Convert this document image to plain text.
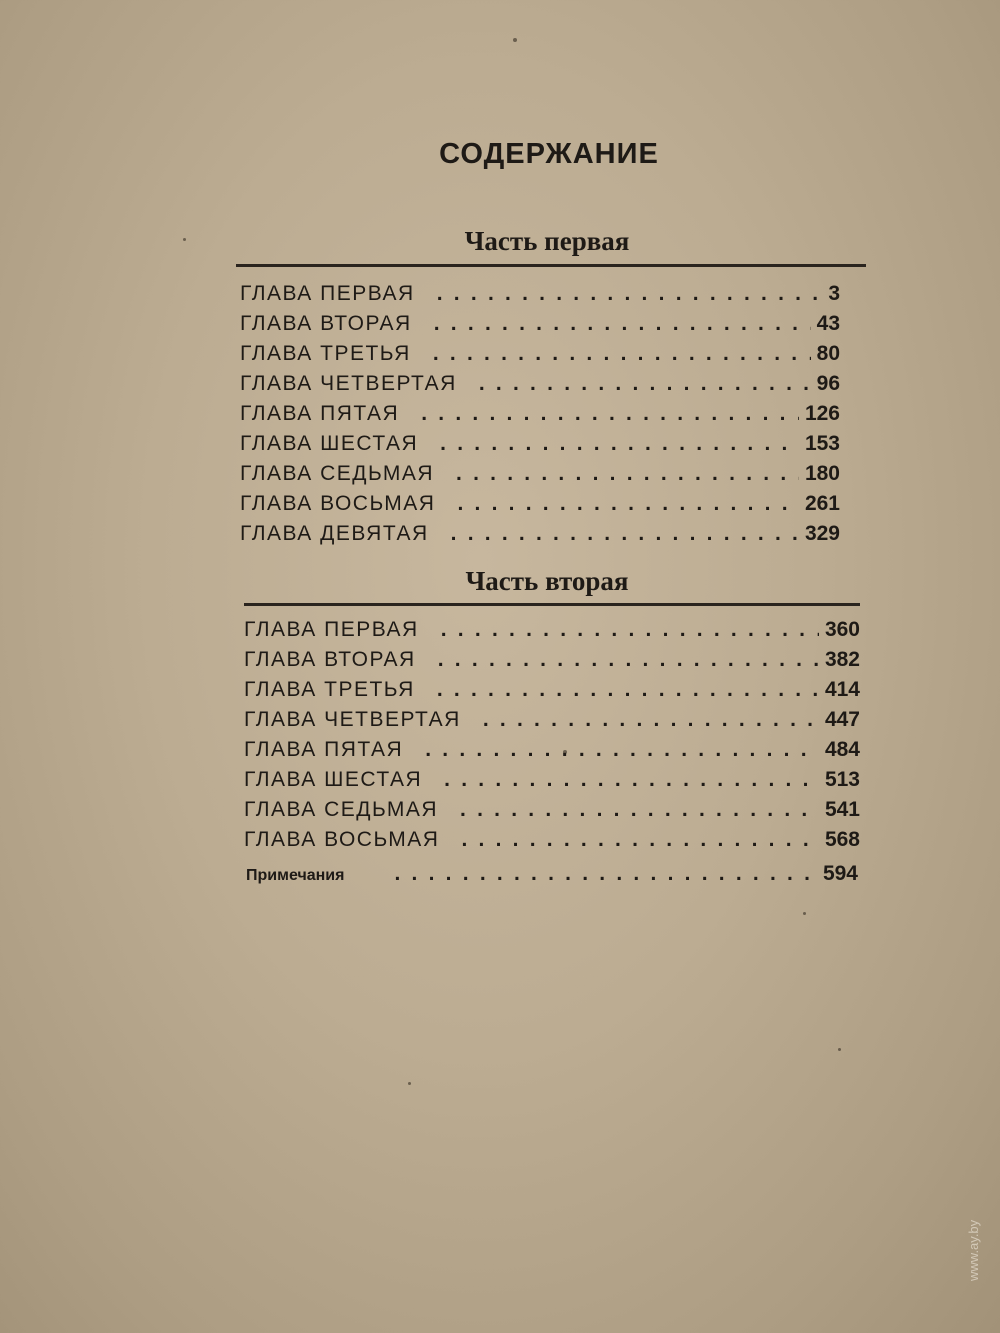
СОДЕРЖАНИЕ
Часть первая
ГЛАВА ПЕРВАЯ . . .	3
ГЛАВА ВТОРАЯ . . .	43
ГЛАВА ТРЕТЬЯ . . .	80
ГЛАВА ЧЕТВЕРТАЯ . . .	96
ГЛАВА ПЯТАЯ . . .	126
ГЛАВА ШЕСТАЯ . . .	153
ГЛАВА СЕДЬМАЯ . . .	180
ГЛАВА ВОСЬМАЯ . . .	261
ГЛАВА ДЕВЯТАЯ . . .	329
Часть вторая
ГЛАВА ПЕРВАЯ . . .	360
ГЛАВА ВТОРАЯ . . .	382
ГЛАВА ТРЕТЬЯ . . .	414
ГЛАВА ЧЕТВЕРТАЯ . . .	447
ГЛАВА ПЯТАЯ . . .	484
ГЛАВА ШЕСТАЯ . . .	513
ГЛАВА СЕДЬМАЯ . . .	541
ГЛАВА ВОСЬМАЯ . . .	568
Примечания . . .	594
www.ay.by
